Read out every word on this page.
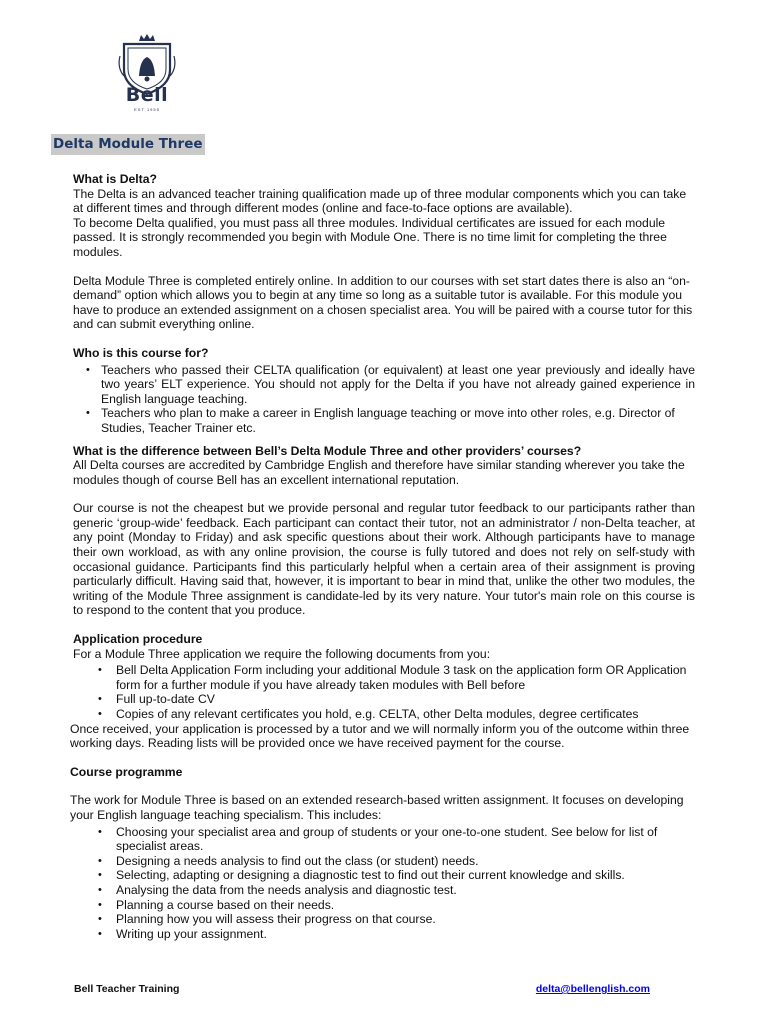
Bell
EST 1955
Delta Module Three

What is Delta?

The Delta is an advanced teacher training qualification made up of three modular components which you can take at different times and through different modes (online and face-to-face options are available).

To become Delta qualified, you must pass all three modules. Individual certificates are issued for each module passed. It is strongly recommended you begin with Module One. There is no time limit for completing the three modules.

Delta Module Three is completed entirely online. In addition to our courses with set start dates there is also an “on-demand” option which allows you to begin at any time so long as a suitable tutor is available. For this module you have to produce an extended assignment on a chosen specialist area. You will be paired with a course tutor for this and can submit everything online.

Who is this course for?

• Teachers who passed their CELTA qualification (or equivalent) at least one year previously and ideally have two years’ ELT experience. You should not apply for the Delta if you have not already gained experience in English language teaching.
• Teachers who plan to make a career in English language teaching or move into other roles, e.g. Director of Studies, Teacher Trainer etc.

What is the difference between Bell’s Delta Module Three and other providers’ courses?

All Delta courses are accredited by Cambridge English and therefore have similar standing wherever you take the modules though of course Bell has an excellent international reputation.

Our course is not the cheapest but we provide personal and regular tutor feedback to our participants rather than generic ‘group-wide’ feedback. Each participant can contact their tutor, not an administrator / non-Delta teacher, at any point (Monday to Friday) and ask specific questions about their work. Although participants have to manage their own workload, as with any online provision, the course is fully tutored and does not rely on self-study with occasional guidance. Participants find this particularly helpful when a certain area of their assignment is proving particularly difficult. Having said that, however, it is important to bear in mind that, unlike the other two modules, the writing of the Module Three assignment is candidate-led by its very nature. Your tutor's main role on this course is to respond to the content that you produce.

Application procedure

For a Module Three application we require the following documents from you:

• Bell Delta Application Form including your additional Module 3 task on the application form OR Application form for a further module if you have already taken modules with Bell before
• Full up-to-date CV
• Copies of any relevant certificates you hold, e.g. CELTA, other Delta modules, degree certificates

Once received, your application is processed by a tutor and we will normally inform you of the outcome within three working days. Reading lists will be provided once we have received payment for the course.

Course programme

The work for Module Three is based on an extended research-based written assignment. It focuses on developing your English language teaching specialism. This includes:

• Choosing your specialist area and group of students or your one-to-one student. See below for list of specialist areas.
• Designing a needs analysis to find out the class (or student) needs.
• Selecting, adapting or designing a diagnostic test to find out their current knowledge and skills.
• Analysing the data from the needs analysis and diagnostic test.
• Planning a course based on their needs.
• Planning how you will assess their progress on that course.
• Writing up your assignment.
Bell Teacher Training	delta@bellenglish.com
